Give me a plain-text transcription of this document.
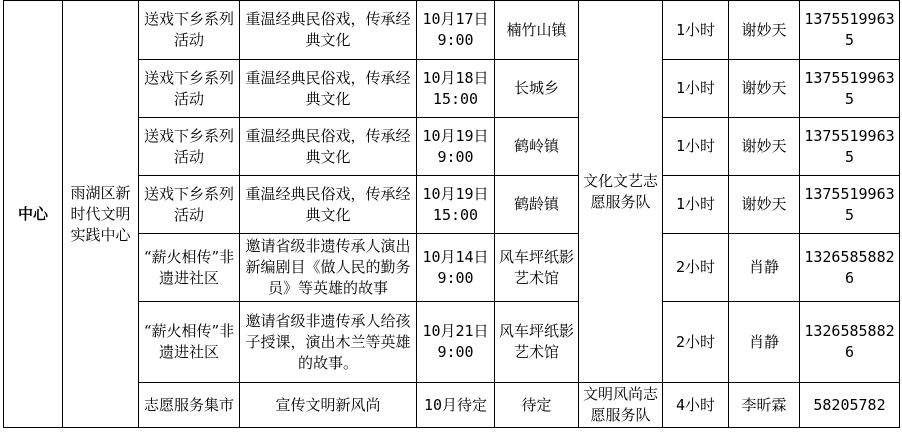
中心	雨湖区新时代文明实践中心	送戏下乡系列活动	重温经典民俗戏，传承经典文化	10月17日 9:00	楠竹山镇	文化文艺志愿服务队	1小时	谢妙天	13755199635
		送戏下乡系列活动	重温经典民俗戏，传承经典文化	10月18日 15:00	长城乡		1小时	谢妙天	13755199635
		送戏下乡系列活动	重温经典民俗戏，传承经典文化	10月19日 9:00	鹤岭镇		1小时	谢妙天	13755199635
		送戏下乡系列活动	重温经典民俗戏，传承经典文化	10月19日 15:00	鹤龄镇		1小时	谢妙天	13755199635
		“薪火相传”非遗进社区	邀请省级非遗传承人演出新编剧目《做人民的勤务员》等英雄的故事	10月14日 9:00	风车坪纸影艺术馆		2小时	肖静	13265858826
		“薪火相传”非遗进社区	邀请省级非遗传承人给孩子授课，演出木兰等英雄的故事。	10月21日 9:00	风车坪纸影艺术馆		2小时	肖静	13265858826
		志愿服务集市	宣传文明新风尚	10月待定	待定	文明风尚志愿服务队	4小时	李昕霖	58205782
